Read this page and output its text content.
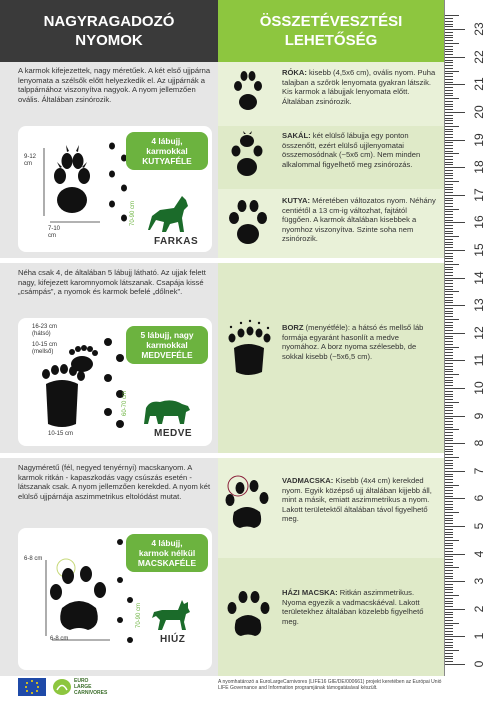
NAGYRAGADOZÓ
NYOMOK
ÖSSZETÉVESZTÉSI
LEHETŐSÉG
A karmok kifejezettek, nagy méretűek. A két első ujjpárna lenyomata a szélsők előtt helyezkedik el. Az ujjpárnák a talppárnához viszonyítva nagyok. A nyom jellemzően ovális. Általában zsinórozik.
9-12
cm
7-10
cm
70-90 cm
4 lábujj,
karmokkal
KUTYAFÉLE
FARKAS
Néha csak 4, de általában 5 lábujj látható. Az ujjak felett nagy, kifejezett karomnyomok látszanak. Csapája kissé „csámpás”, a nyomok és karmok befelé „dőlnek”.
16-23 cm
(hátsó)
10-15 cm
(mellső)
10-15 cm
60-70 cm
5 lábujj, nagy
karmokkal
MEDVEFÉLE
MEDVE
Nagyméretű (fél, negyed tenyérnyi) macskanyom. A karmok ritkán - kapaszkodás vagy csúszás esetén - látszanak csak. A nyom jellemzően kerekded. A nyom két elülső ujjpárnája aszimmetrikus eltolódást mutat.
6-8 cm
6-8 cm
70-90 cm
4 lábujj,
karmok nélkül
MACSKAFÉLE
HIÚZ
RÓKA: kisebb (4,5x6 cm), ovális nyom. Puha talajban a szőrök lenyomata gyakran látszik. Kis karmok a lábujjak lenyomata előtt. Általában zsinórozik.
SAKÁL: két elülső lábujja egy ponton összenőtt, ezért elülső ujjlenyomatai összemosódnak (~5x6 cm). Nem minden alkalommal figyelhető meg zsinórozás.
KUTYA: Méretében változatos nyom. Néhány centiétől a 13 cm-ig változhat, fajtától függően. A karmok általában kisebbek a nyomhoz viszonyítva. Szinte soha nem zsinórozik.
BORZ (menyétféle): a hátsó és mellső láb formája egyaránt hasonlít a medve nyomához. A borz nyoma szélesebb, de sokkal kisebb (~5x6,5 cm).
VADMACSKA: Kisebb (4x4 cm) kerekded nyom. Egyik középső ujj általában kijjebb áll, mint a másik, emiatt aszimmetrikus a nyom. Lakott területektől általában távol figyelhető meg.
HÁZI MACSKA: Ritkán aszimmetrikus. Nyoma egyezik a vadmacskáéval. Lakott területekhez általában közelebb figyelhető meg.
0
1
2
3
4
5
6
7
8
9
10
11
12
13
14
15
16
17
18
19
20
21
22
23
EURO
LARGE
CARNIVORES
A nyomhatározó a EuroLargeCarnivores (LIFE16 GIE/DE/000661) projekt keretében az Európai Unió LIFE Governance and Information programjának támogatásával készült.
